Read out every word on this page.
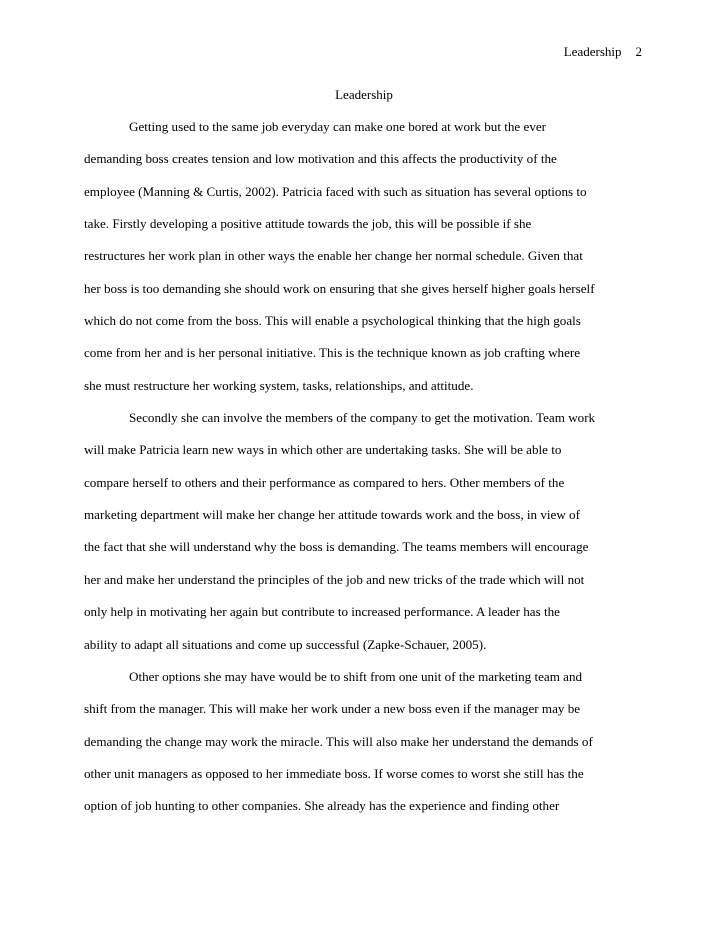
Leadership 2
Leadership
Getting used to the same job everyday can make one bored at work but the ever
demanding boss creates tension and low motivation and this affects the productivity of the
employee (Manning & Curtis, 2002). Patricia faced with such as situation has several options to
take. Firstly developing a positive attitude towards the job, this will be possible if she
restructures her work plan in other ways the enable her change her normal schedule. Given that
her boss is too demanding she should work on ensuring that she gives herself higher goals herself
which do not come from the boss. This will enable a psychological thinking that the high goals
come from her and is her personal initiative. This is the technique known as job crafting where
she must restructure her working system, tasks, relationships, and attitude.
Secondly she can involve the members of the company to get the motivation. Team work
will make Patricia learn new ways in which other are undertaking tasks. She will be able to
compare herself to others and their performance as compared to hers. Other members of the
marketing department will make her change her attitude towards work and the boss, in view of
the fact that she will understand why the boss is demanding. The teams members will encourage
her and make her understand the principles of the job and new tricks of the trade which will not
only help in motivating her again but contribute to increased performance. A leader has the
ability to adapt all situations and come up successful (Zapke-Schauer, 2005).
Other options she may have would be to shift from one unit of the marketing team and
shift from the manager. This will make her work under a new boss even if the manager may be
demanding the change may work the miracle. This will also make her understand the demands of
other unit managers as opposed to her immediate boss. If worse comes to worst she still has the
option of job hunting to other companies. She already has the experience and finding other
